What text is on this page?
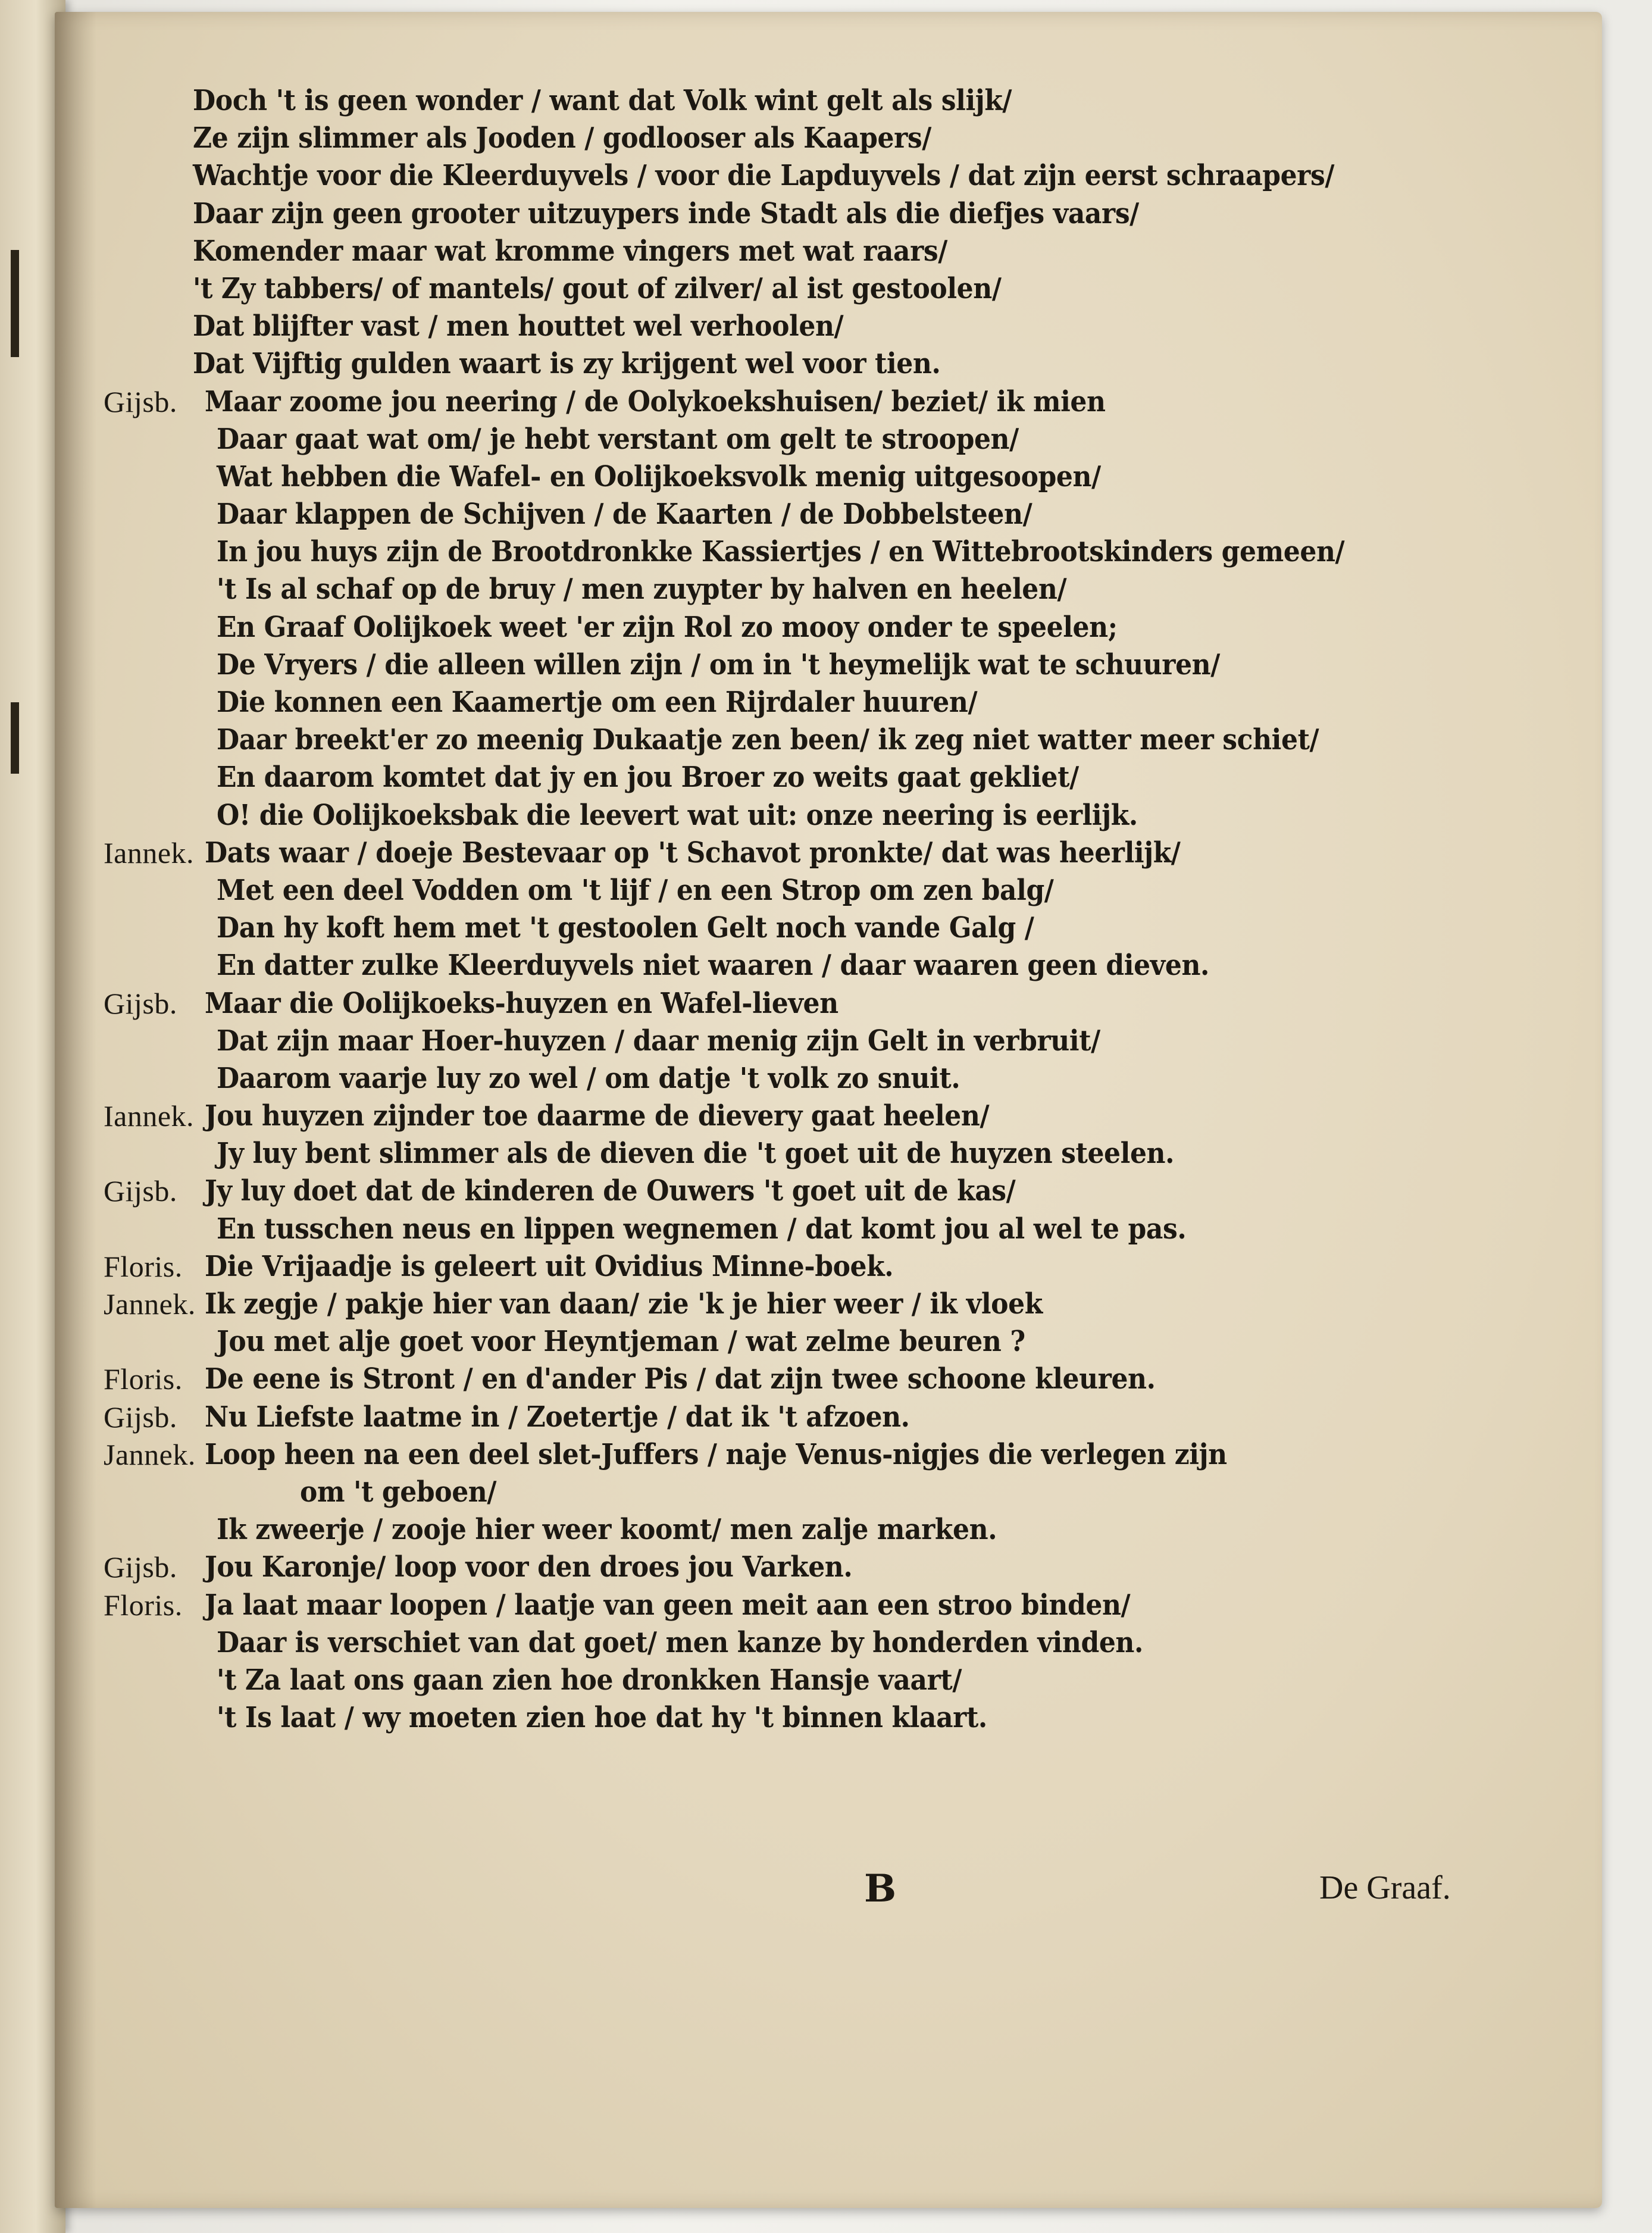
Doch 't is geen wonder / want dat Volk wint gelt als slijk/
Ze zijn slimmer als Jooden / godlooser als Kaapers/
Wachtje voor die Kleerduyvels / voor die Lapduyvels / dat zijn eerst schraapers/
Daar zijn geen grooter uitzuypers inde Stadt als die diefjes vaars/
Komender maar wat kromme vingers met wat raars/
't Zy tabbers/ of mantels/ gout of zilver/ al ist gestoolen/
Dat blijfter vast / men houttet wel verhoolen/
Dat Vijftig gulden waart is zy krijgent wel voor tien.
Gijsb. Maar zoome jou neering / de Oolykoekshuisen/ beziet/ ik mien
Daar gaat wat om/ je hebt verstant om gelt te stroopen/
Wat hebben die Wafel- en Oolijkoeksvolk menig uitgesoopen/
Daar klappen de Schijven / de Kaarten / de Dobbelsteen/
In jou huys zijn de Brootdronkke Kassiertjes / en Wittebrootskinders gemeen/
't Is al schaf op de bruy / men zuypter by halven en heelen/
En Graaf Oolijkoek weet 'er zijn Rol zo mooy onder te speelen;
De Vryers / die alleen willen zijn / om in 't heymelijk wat te schuuren/
Die konnen een Kaamertje om een Rijrdaler huuren/
Daar breekt'er zo meenig Dukaatje zen been/ ik zeg niet watter meer schiet/
En daarom komtet dat jy en jou Broer zo weits gaat gekliet/
O! die Oolijkoeksbak die leevert wat uit: onze neering is eerlijk.
Iannek. Dats waar / doeje Bestevaar op 't Schavot pronkte/ dat was heerlijk/
Met een deel Vodden om 't lijf / en een Strop om zen balg/
Dan hy koft hem met 't gestoolen Gelt noch vande Galg /
En datter zulke Kleerduyvels niet waaren / daar waaren geen dieven.
Gijsb. Maar die Oolijkoeks-huyzen en Wafel-lieven
Dat zijn maar Hoer-huyzen / daar menig zijn Gelt in verbruit/
Daarom vaarje luy zo wel / om datje 't volk zo snuit.
Iannek. Jou huyzen zijnder toe daarme de dievery gaat heelen/
Jy luy bent slimmer als de dieven die 't goet uit de huyzen steelen.
Gijsb. Jy luy doet dat de kinderen de Ouwers 't goet uit de kas/
En tusschen neus en lippen wegnemen / dat komt jou al wel te pas.
Floris. Die Vrijaadje is geleert uit Ovidius Minne-boek.
Jannek. Ik zegje / pakje hier van daan/ zie 'k je hier weer / ik vloek
Jou met alje goet voor Heyntjeman / wat zelme beuren ?
Floris. De eene is Stront / en d'ander Pis / dat zijn twee schoone kleuren.
Gijsb. Nu Liefste laatme in / Zoetertje / dat ik 't afzoen.
Jannek. Loop heen na een deel slet-Juffers / naje Venus-nigjes die verlegen zijn
om 't geboen/
Ik zweerje / zooje hier weer koomt/ men zalje marken.
Gijsb. Jou Karonje/ loop voor den droes jou Varken.
Floris. Ja laat maar loopen / laatje van geen meit aan een stroo binden/
Daar is verschiet van dat goet/ men kanze by honderden vinden.
't Za laat ons gaan zien hoe dronkken Hansje vaart/
't Is laat / wy moeten zien hoe dat hy 't binnen klaart.
B	De Graaf.
